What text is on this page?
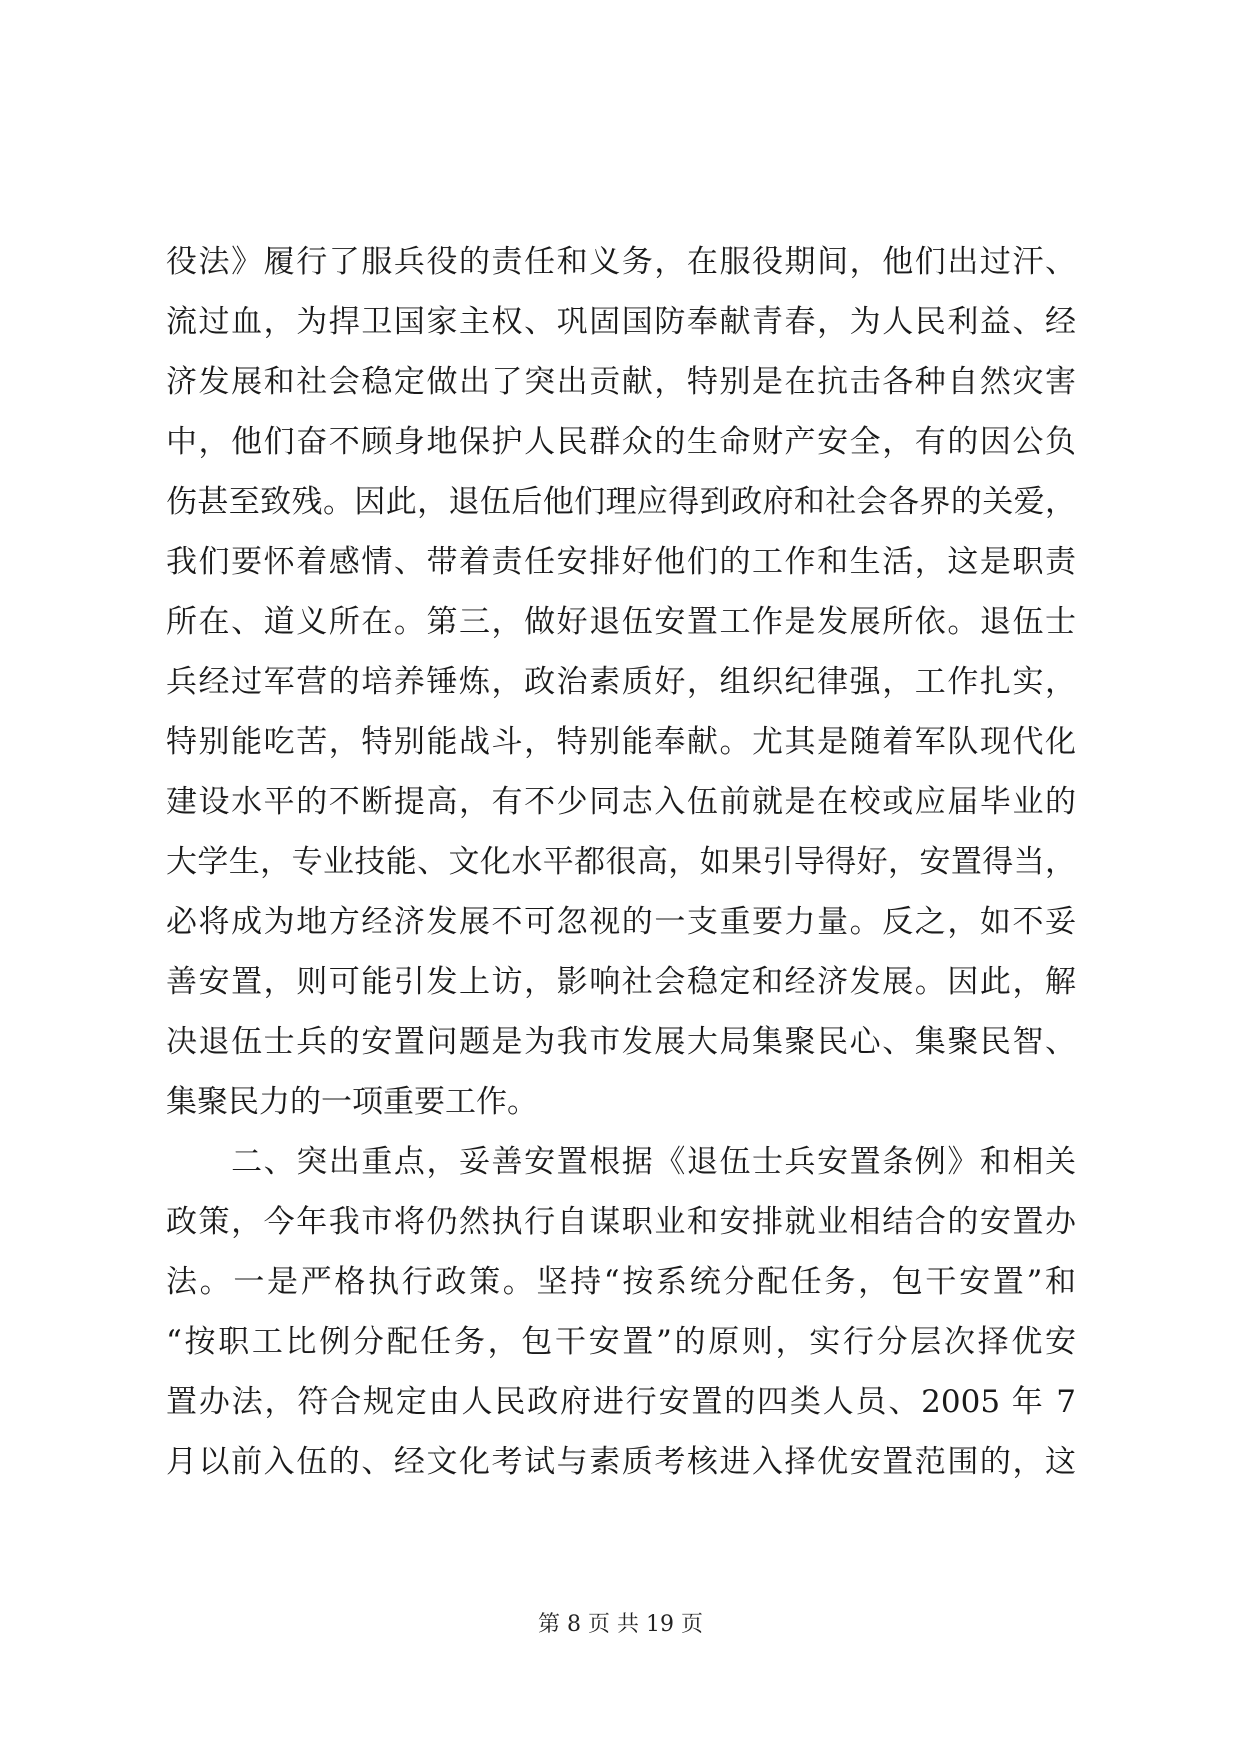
役法》履行了服兵役的责任和义务，在服役期间，他们出过汗、
流过血，为捍卫国家主权、巩固国防奉献青春，为人民利益、经
济发展和社会稳定做出了突出贡献，特别是在抗击各种自然灾害
中，他们奋不顾身地保护人民群众的生命财产安全，有的因公负
伤甚至致残。因此，退伍后他们理应得到政府和社会各界的关爱，
我们要怀着感情、带着责任安排好他们的工作和生活，这是职责
所在、道义所在。第三，做好退伍安置工作是发展所依。退伍士
兵经过军营的培养锤炼，政治素质好，组织纪律强，工作扎实，
特别能吃苦，特别能战斗，特别能奉献。尤其是随着军队现代化
建设水平的不断提高，有不少同志入伍前就是在校或应届毕业的
大学生，专业技能、文化水平都很高，如果引导得好，安置得当，
必将成为地方经济发展不可忽视的一支重要力量。反之，如不妥
善安置，则可能引发上访，影响社会稳定和经济发展。因此，解
决退伍士兵的安置问题是为我市发展大局集聚民心、集聚民智、
集聚民力的一项重要工作。
　　二、突出重点，妥善安置根据《退伍士兵安置条例》和相关
政策，今年我市将仍然执行自谋职业和安排就业相结合的安置办
法。一是严格执行政策。坚持“按系统分配任务，包干安置”和
“按职工比例分配任务，包干安置”的原则，实行分层次择优安
置办法，符合规定由人民政府进行安置的四类人员、2005 年 7
月以前入伍的、经文化考试与素质考核进入择优安置范围的，这
第 8 页 共 19 页
